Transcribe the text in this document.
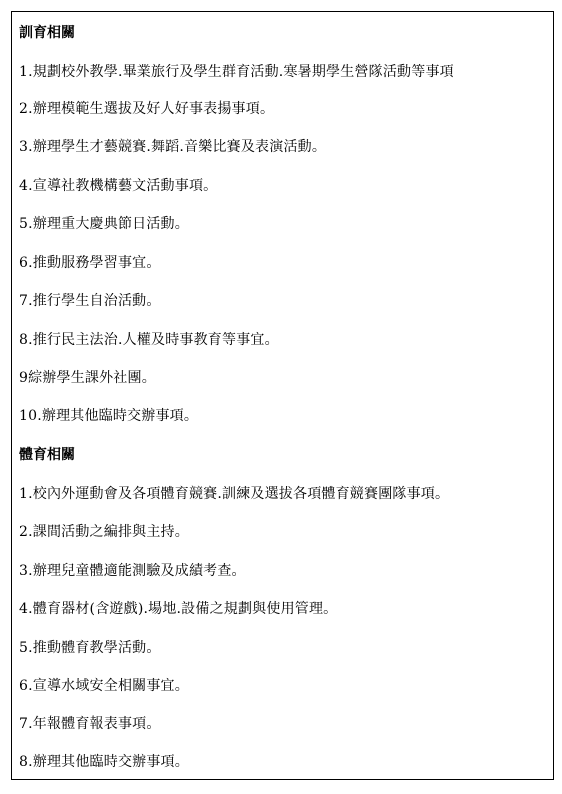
訓育相關
1.規劃校外教學.畢業旅行及學生群育活動.寒暑期學生營隊活動等事項
2.辦理模範生選拔及好人好事表揚事項。
3.辦理學生才藝競賽.舞蹈.音樂比賽及表演活動。
4.宣導社教機構藝文活動事項。
5.辦理重大慶典節日活動。
6.推動服務學習事宜。
7.推行學生自治活動。
8.推行民主法治.人權及時事教育等事宜。
9綜辦學生課外社團。
10.辦理其他臨時交辦事項。
體育相關
1.校內外運動會及各項體育競賽.訓練及選拔各項體育競賽團隊事項。
2.課間活動之編排與主持。
3.辦理兒童體適能測驗及成績考查。
4.體育器材(含遊戲).場地.設備之規劃與使用管理。
5.推動體育教學活動。
6.宣導水域安全相關事宜。
7.年報體育報表事項。
8.辦理其他臨時交辦事項。
